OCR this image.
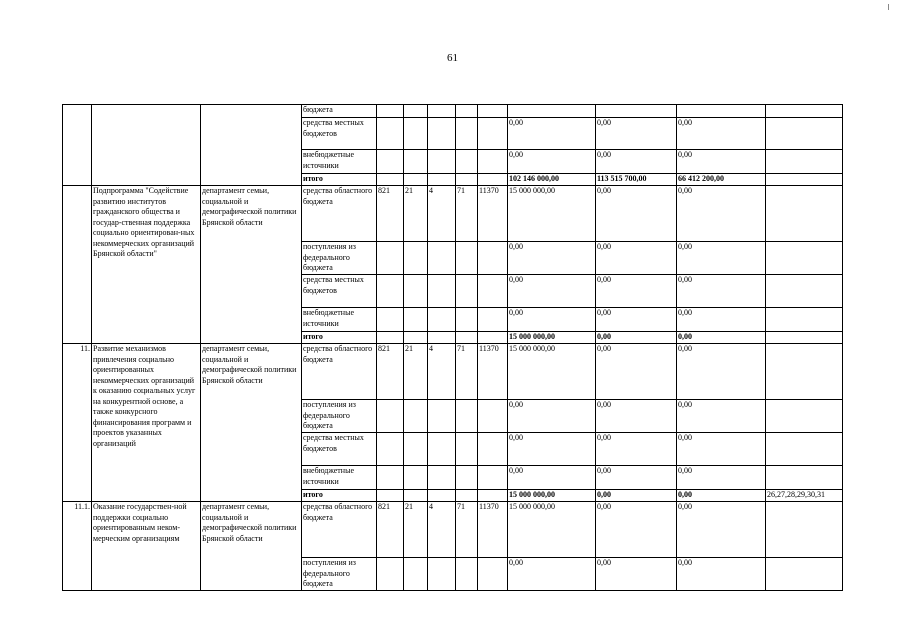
61
			бюджета									
			средства местных бюджетов						0,00	0,00	0,00	
			внебюджетные источники						0,00	0,00	0,00	
			итого						102 146 000,00	113 515 700,00	66 412 200,00	
	Подпрограмма "Содействие развитию институтов гражданского общества и государ-ственная поддержка социально ориентирован-ных некоммерческих организаций Брянской области"	департамент семьи, социальной и демографической политики Брянской области	средства областного бюджета	821	21	4	71	11370	15 000 000,00	0,00	0,00	
			поступления из федерального бюджета						0,00	0,00	0,00	
			средства местных бюджетов						0,00	0,00	0,00	
			внебюджетные источники						0,00	0,00	0,00	
			итого						15 000 000,00	0,00	0,00	
11.	Развитие механизмов привлечения социально ориентированных некоммерческих организаций к оказанию социальных услуг на конкурентной основе, а также конкурсного финансирования программ и проектов указанных организаций	департамент семьи, социальной и демографической политики Брянской области	средства областного бюджета	821	21	4	71	11370	15 000 000,00	0,00	0,00	
			поступления из федерального бюджета						0,00	0,00	0,00	
			средства местных бюджетов						0,00	0,00	0,00	
			внебюджетные источники						0,00	0,00	0,00	
			итого						15 000 000,00	0,00	0,00	26,27,28,29,30,31
11.1.	Оказание государствен-ной поддержки социально ориентированным неком-мерческим организациям	департамент семьи, социальной и демографической политики Брянской области	средства областного бюджета	821	21	4	71	11370	15 000 000,00	0,00	0,00	
			поступления из федерального бюджета						0,00	0,00	0,00	
